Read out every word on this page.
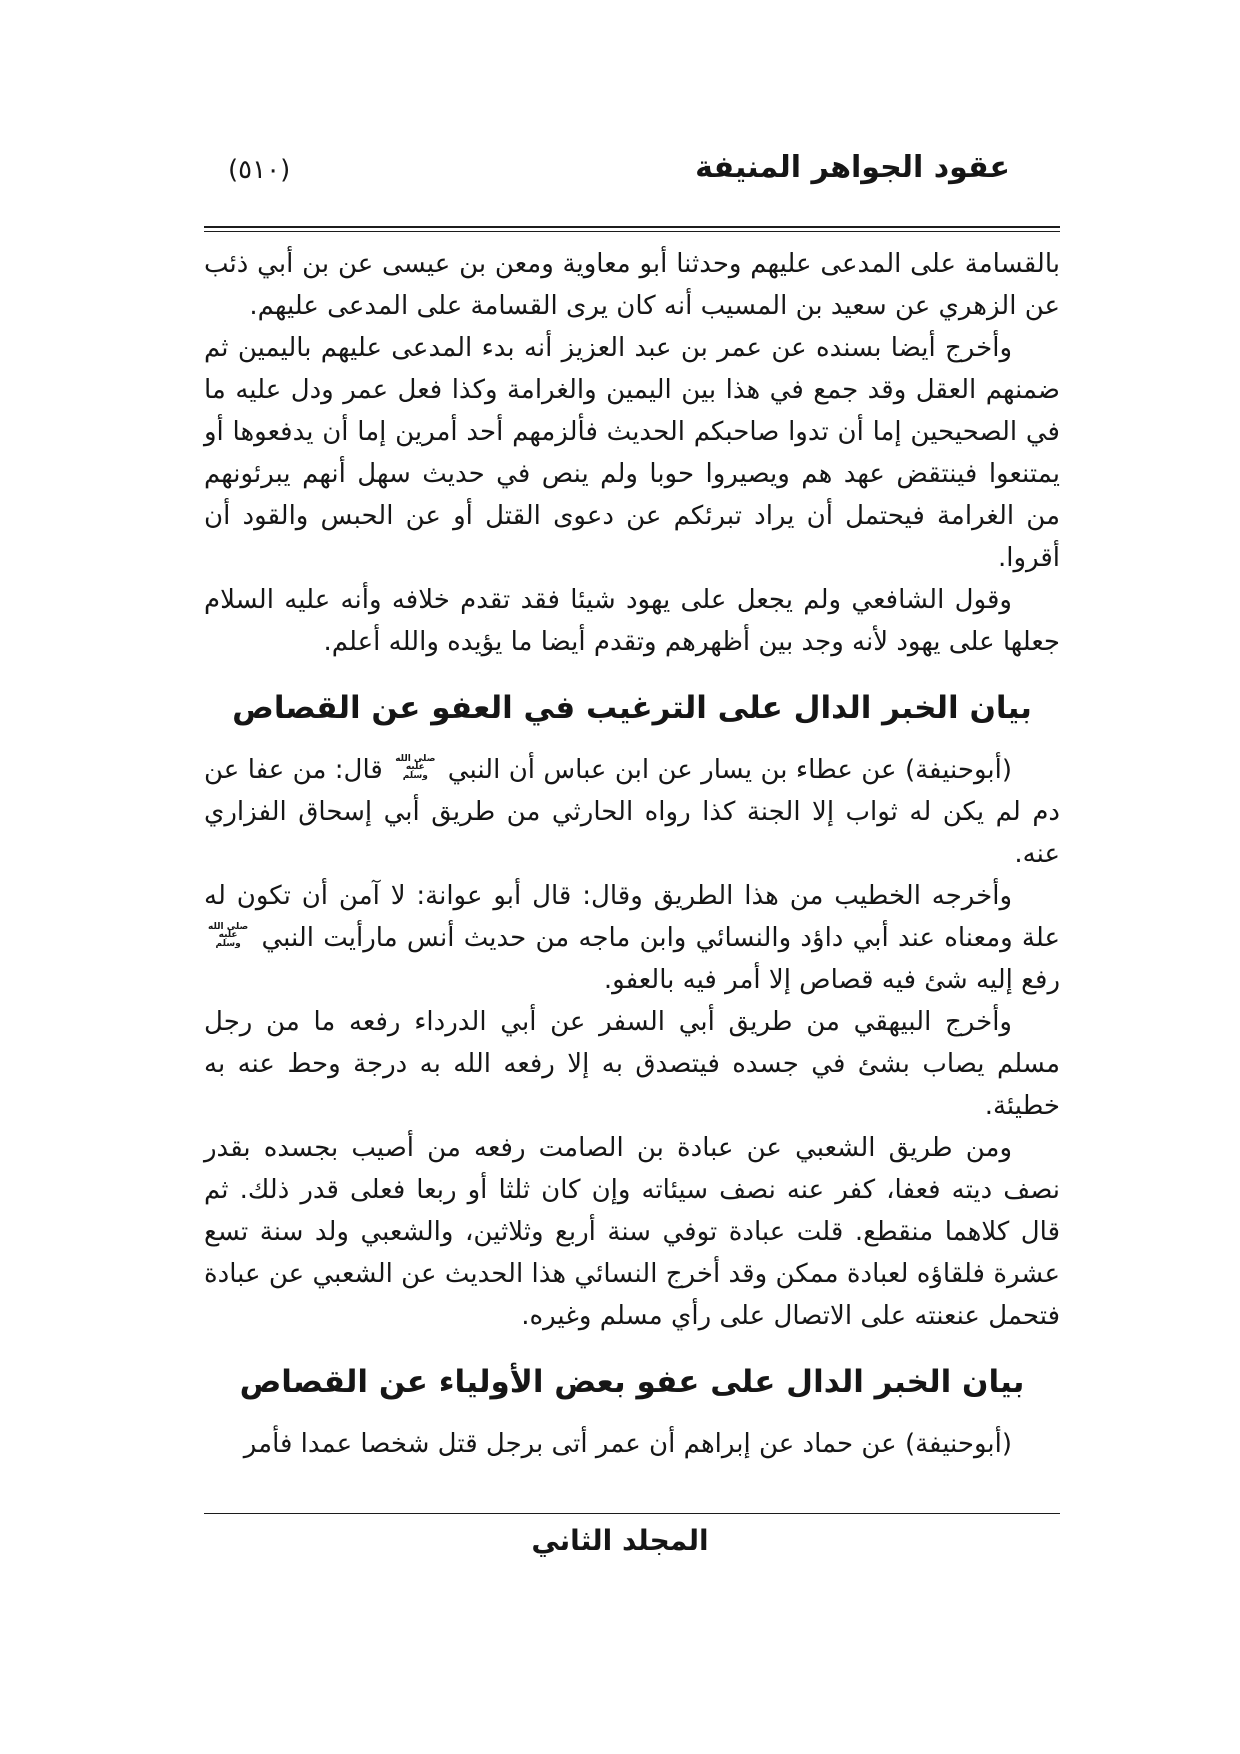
(٥١٠)	عقود الجواهر المنيفة

بالقسامة على المدعى عليهم وحدثنا أبو معاوية ومعن بن عيسى عن بن أبي ذئب عن الزهري عن سعيد بن المسيب أنه كان يرى القسامة على المدعى عليهم.

وأخرج أيضا بسنده عن عمر بن عبد العزيز أنه بدء المدعى عليهم باليمين ثم ضمنهم العقل وقد جمع في هذا بين اليمين والغرامة وكذا فعل عمر ودل عليه ما في الصحيحين إما أن تدوا صاحبكم الحديث فألزمهم أحد أمرين إما أن يدفعوها أو يمتنعوا فينتقض عهد هم ويصيروا حوبا ولم ينص في حديث سهل أنهم يبرئونهم من الغرامة فيحتمل أن يراد تبرئكم عن دعوى القتل أو عن الحبس والقود أن أقروا.

وقول الشافعي ولم يجعل على يهود شيئا فقد تقدم خلافه وأنه عليه السلام جعلها على يهود لأنه وجد بين أظهرهم وتقدم أيضا ما يؤيده والله أعلم.

بيان الخبر الدال على الترغيب في العفو عن القصاص

(أبوحنيفة) عن عطاء بن يسار عن ابن عباس أن النبي
صلى الله
عليه
وسلم
قال: من عفا عن دم لم يكن له ثواب إلا الجنة كذا رواه الحارثي من طريق أبي إسحاق الفزاري عنه.

وأخرجه الخطيب من هذا الطريق وقال: قال أبو عوانة: لا آمن أن تكون له علة ومعناه عند أبي داؤد والنسائي وابن ماجه من حديث أنس مارأيت النبي
صلى الله
عليه
وسلم
رفع إليه شئ فيه قصاص إلا أمر فيه بالعفو.

وأخرج البيهقي من طريق أبي السفر عن أبي الدرداء رفعه ما من رجل مسلم يصاب بشئ في جسده فيتصدق به إلا رفعه الله به درجة وحط عنه به خطيئة.

ومن طريق الشعبي عن عبادة بن الصامت رفعه من أصيب بجسده بقدر نصف ديته فعفا، كفر عنه نصف سيئاته وإن كان ثلثا أو ربعا فعلى قدر ذلك. ثم قال كلاهما منقطع. قلت عبادة توفي سنة أربع وثلاثين، والشعبي ولد سنة تسع عشرة فلقاؤه لعبادة ممكن وقد أخرج النسائي هذا الحديث عن الشعبي عن عبادة فتحمل عنعنته على الاتصال على رأي مسلم وغيره.

بيان الخبر الدال على عفو بعض الأولياء عن القصاص

(أبوحنيفة) عن حماد عن إبراهم أن عمر أتى برجل قتل شخصا عمدا فأمر

المجلد الثاني
